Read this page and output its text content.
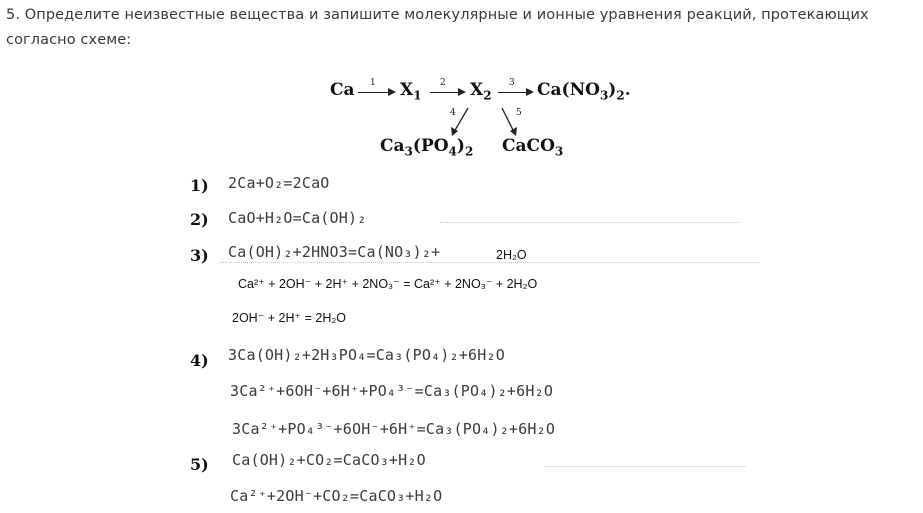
5. Определите неизвестные вещества и запишите молекулярные и ионные уравнения реакций, протекающих согласно схеме:
Ca 1 $X_1$
2 $X_2$
3 $Ca(NO_3)_2$.
4	5
$Ca_3(PO_4)_2$ CaCO$_3$
1) 2Ca+O₂=2CaO
2) CaO+H₂O=Ca(OH)₂
3) Ca(OH)₂+2HNO3=Ca(NO₃)₂+	2H₂O
Ca²⁺ + 2OH⁻ + 2H⁺ + 2NO₃⁻ = Ca²⁺ + 2NO₃⁻ + 2H₂O
2OH⁻ + 2H⁺ = 2H₂O
4) 3Ca(OH)₂+2H₃PO₄=Ca₃(PO₄)₂+6H₂O
3Ca²⁺+6OH⁻+6H⁺+PO₄³⁻=Ca₃(PO₄)₂+6H₂O
3Ca²⁺+PO₄³⁻+6OH⁻+6H⁺=Ca₃(PO₄)₂+6H₂O
5) Ca(OH)₂+CO₂=CaCO₃+H₂O
Ca²⁺+2OH⁻+CO₂=CaCO₃+H₂O
